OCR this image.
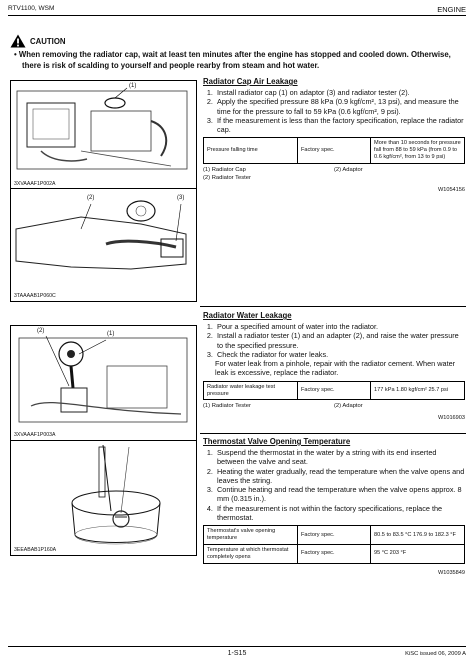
RTV1100, WSM	ENGINE
CAUTION
• When removing the radiator cap, wait at least ten minutes after the engine has stopped and cooled down. Otherwise, there is risk of scalding to yourself and people rearby from steam and hot water.
(1)
3XVAAAF1P002A
(2)	(3)
3TAAAAB1P060C
(1)
(2)
3XVAAAF1P003A
3EEABAB1P160A
Radiator Cap Air Leakage
1. Install radiator cap (1) on adaptor (3) and radiator tester (2).
2. Apply the specified pressure 88 kPa (0.9 kgf/cm², 13 psi), and measure the time for the pressure to fall to 59 kPa (0.6 kgf/cm², 9 psi).
3. If the measurement is less than the factory specification, replace the radiator cap.
Pressure falling time	Factory spec.	More than 10 seconds for pressure fall from 88 to 59 kPa (from 0.9 to 0.6 kgf/cm², from 13 to 9 psi)
(1) Radiator Cap	(2) Adaptor
(2) Radiator Tester
W1054156
Radiator Water Leakage
1. Pour a specified amount of water into the radiator.
2. Install a radiator tester (1) and an adapter (2), and raise the water pressure to the specified pressure.
3. Check the radiator for water leaks.
For water leak from a pinhole, repair with the radiator cement. When water leak is excessive, replace the radiator.
Radiator water leakage test pressure	Factory spec.	177 kPa 1.80 kgf/cm² 25.7 psi
(1) Radiator Tester	(2) Adaptor
W1016903
Thermostat Valve Opening Temperature
1. Suspend the thermostat in the water by a string with its end inserted between the valve and seat.
2. Heating the water gradually, read the temperature when the valve opens and leaves the string.
3. Continue heating and read the temperature when the valve opens approx. 8 mm (0.315 in.).
4. If the measurement is not within the factory specifications, replace the thermostat.
Thermostat's valve opening temperature	Factory spec.	80.5 to 83.5 °C 176.9 to 182.3 °F
Temperature at which thermostat completely opens	Factory spec.	95 °C 203 °F
W1035849
1-S15	KiSC issued 06, 2009 A
